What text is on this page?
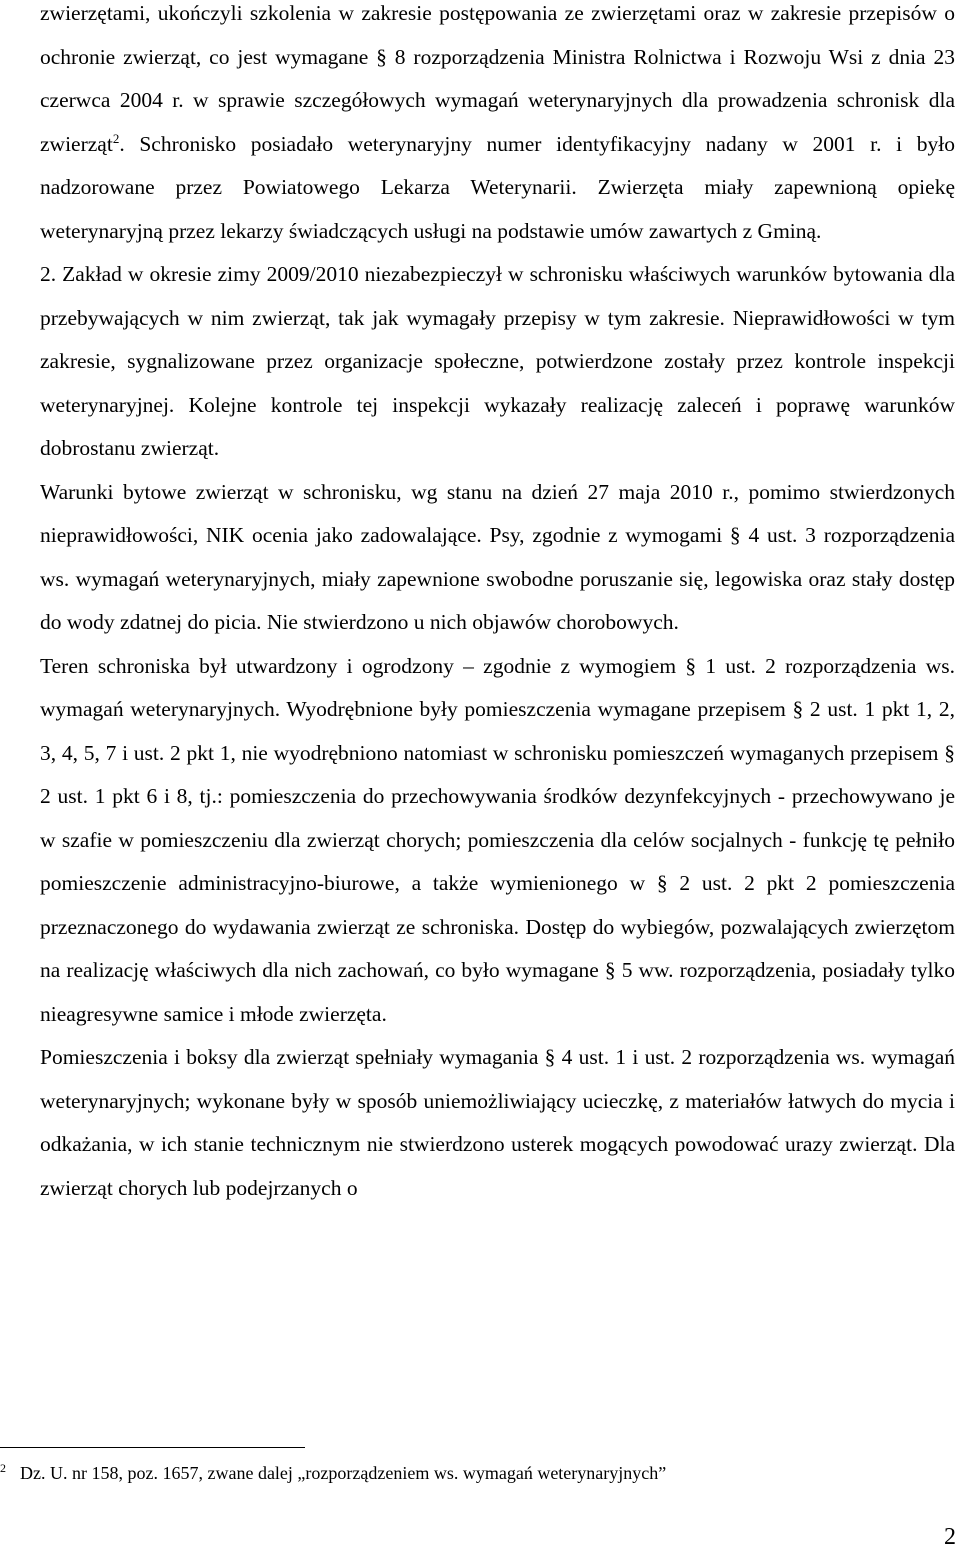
zwierzętami, ukończyli szkolenia w zakresie postępowania ze zwierzętami oraz w zakresie przepisów o ochronie zwierząt, co jest wymagane § 8 rozporządzenia Ministra Rolnictwa i Rozwoju Wsi z dnia 23 czerwca 2004 r. w sprawie szczegółowych wymagań weterynaryjnych dla prowadzenia schronisk dla zwierząt$^2$. Schronisko posiadało weterynaryjny numer identyfikacyjny nadany w 2001 r. i było nadzorowane przez Powiatowego Lekarza Weterynarii. Zwierzęta miały zapewnioną opiekę weterynaryjną przez lekarzy świadczących usługi na podstawie umów zawartych z Gminą.

2. Zakład w okresie zimy 2009/2010 niezabezpieczył w schronisku właściwych warunków bytowania dla przebywających w nim zwierząt, tak jak wymagały przepisy w tym zakresie. Nieprawidłowości w tym zakresie, sygnalizowane przez organizacje społeczne, potwierdzone zostały przez kontrole inspekcji weterynaryjnej. Kolejne kontrole tej inspekcji wykazały realizację zaleceń i poprawę warunków dobrostanu zwierząt.

Warunki bytowe zwierząt w schronisku, wg stanu na dzień 27 maja 2010 r., pomimo stwierdzonych nieprawidłowości, NIK ocenia jako zadowalające. Psy, zgodnie z wymogami § 4 ust. 3 rozporządzenia ws. wymagań weterynaryjnych, miały zapewnione swobodne poruszanie się, legowiska oraz stały dostęp do wody zdatnej do picia. Nie stwierdzono u nich objawów chorobowych.

Teren schroniska był utwardzony i ogrodzony – zgodnie z wymogiem § 1 ust. 2 rozporządzenia ws. wymagań weterynaryjnych. Wyodrębnione były pomieszczenia wymagane przepisem § 2 ust. 1 pkt 1, 2, 3, 4, 5, 7 i ust. 2 pkt 1, nie wyodrębniono natomiast w schronisku pomieszczeń wymaganych przepisem § 2 ust. 1 pkt 6 i 8, tj.: pomieszczenia do przechowywania środków dezynfekcyjnych - przechowywano je w szafie w pomieszczeniu dla zwierząt chorych; pomieszczenia dla celów socjalnych - funkcję tę pełniło pomieszczenie administracyjno-biurowe, a także wymienionego w § 2 ust. 2 pkt 2 pomieszczenia przeznaczonego do wydawania zwierząt ze schroniska. Dostęp do wybiegów, pozwalających zwierzętom na realizację właściwych dla nich zachowań, co było wymagane § 5 ww. rozporządzenia, posiadały tylko nieagresywne samice i młode zwierzęta.

Pomieszczenia i boksy dla zwierząt spełniały wymagania § 4 ust. 1 i ust. 2 rozporządzenia ws. wymagań weterynaryjnych; wykonane były w sposób uniemożliwiający ucieczkę, z materiałów łatwych do mycia i odkażania, w ich stanie technicznym nie stwierdzono usterek mogących powodować urazy zwierząt. Dla zwierząt chorych lub podejrzanych o

$^2$ Dz. U. nr 158, poz. 1657, zwane dalej „rozporządzeniem ws. wymagań weterynaryjnych”
2
